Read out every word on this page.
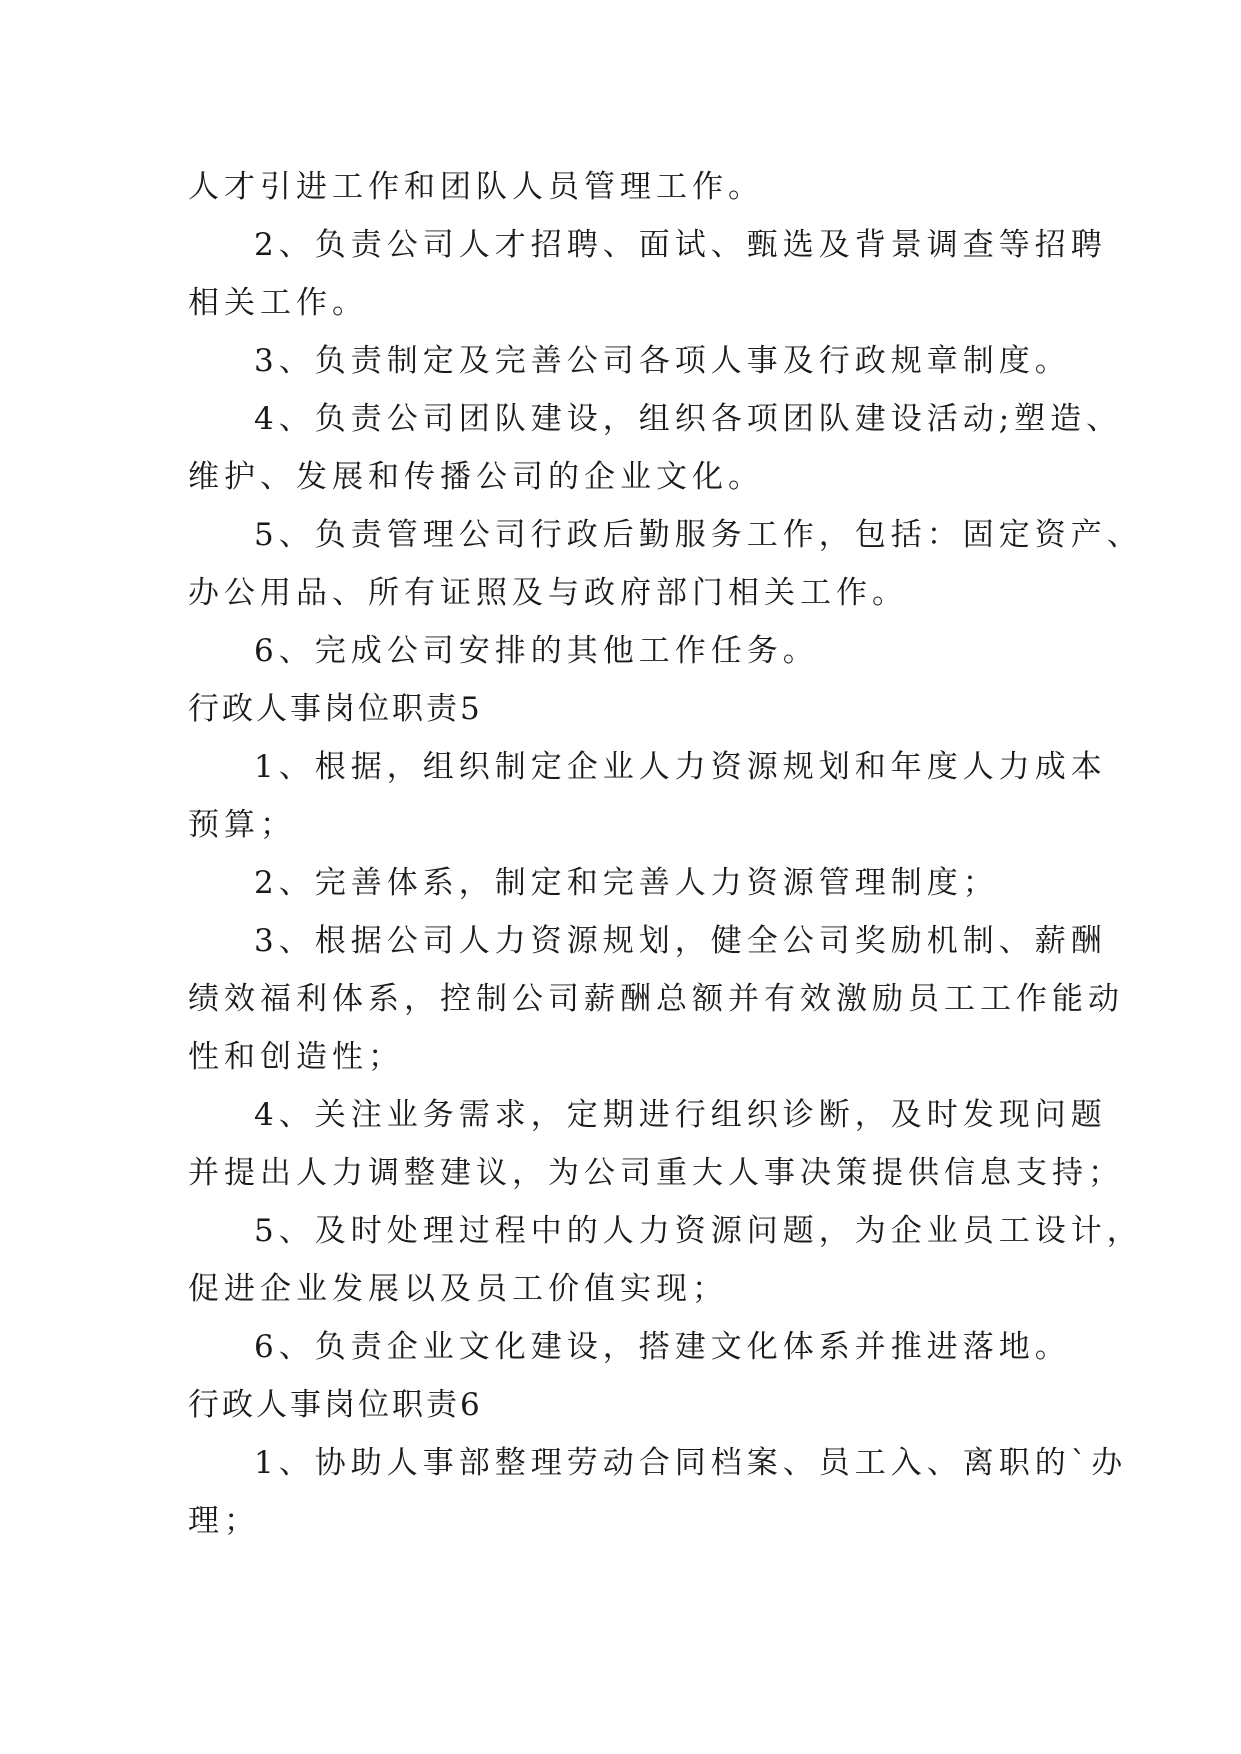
人才引进工作和团队人员管理工作。

2、负责公司人才招聘、面试、甄选及背景调查等招聘

相关工作。

3、负责制定及完善公司各项人事及行政规章制度。

4、负责公司团队建设，组织各项团队建设活动;塑造、

维护、发展和传播公司的企业文化。

5、负责管理公司行政后勤服务工作，包括：固定资产、

办公用品、所有证照及与政府部门相关工作。

6、完成公司安排的其他工作任务。

行政人事岗位职责5

1、根据，组织制定企业人力资源规划和年度人力成本

预算；

2、完善体系，制定和完善人力资源管理制度；

3、根据公司人力资源规划，健全公司奖励机制、薪酬

绩效福利体系，控制公司薪酬总额并有效激励员工工作能动

性和创造性；

4、关注业务需求，定期进行组织诊断，及时发现问题

并提出人力调整建议，为公司重大人事决策提供信息支持；

5、及时处理过程中的人力资源问题，为企业员工设计，

促进企业发展以及员工价值实现；

6、负责企业文化建设，搭建文化体系并推进落地。

行政人事岗位职责6

1、协助人事部整理劳动合同档案、员工入、离职的`办

理；
